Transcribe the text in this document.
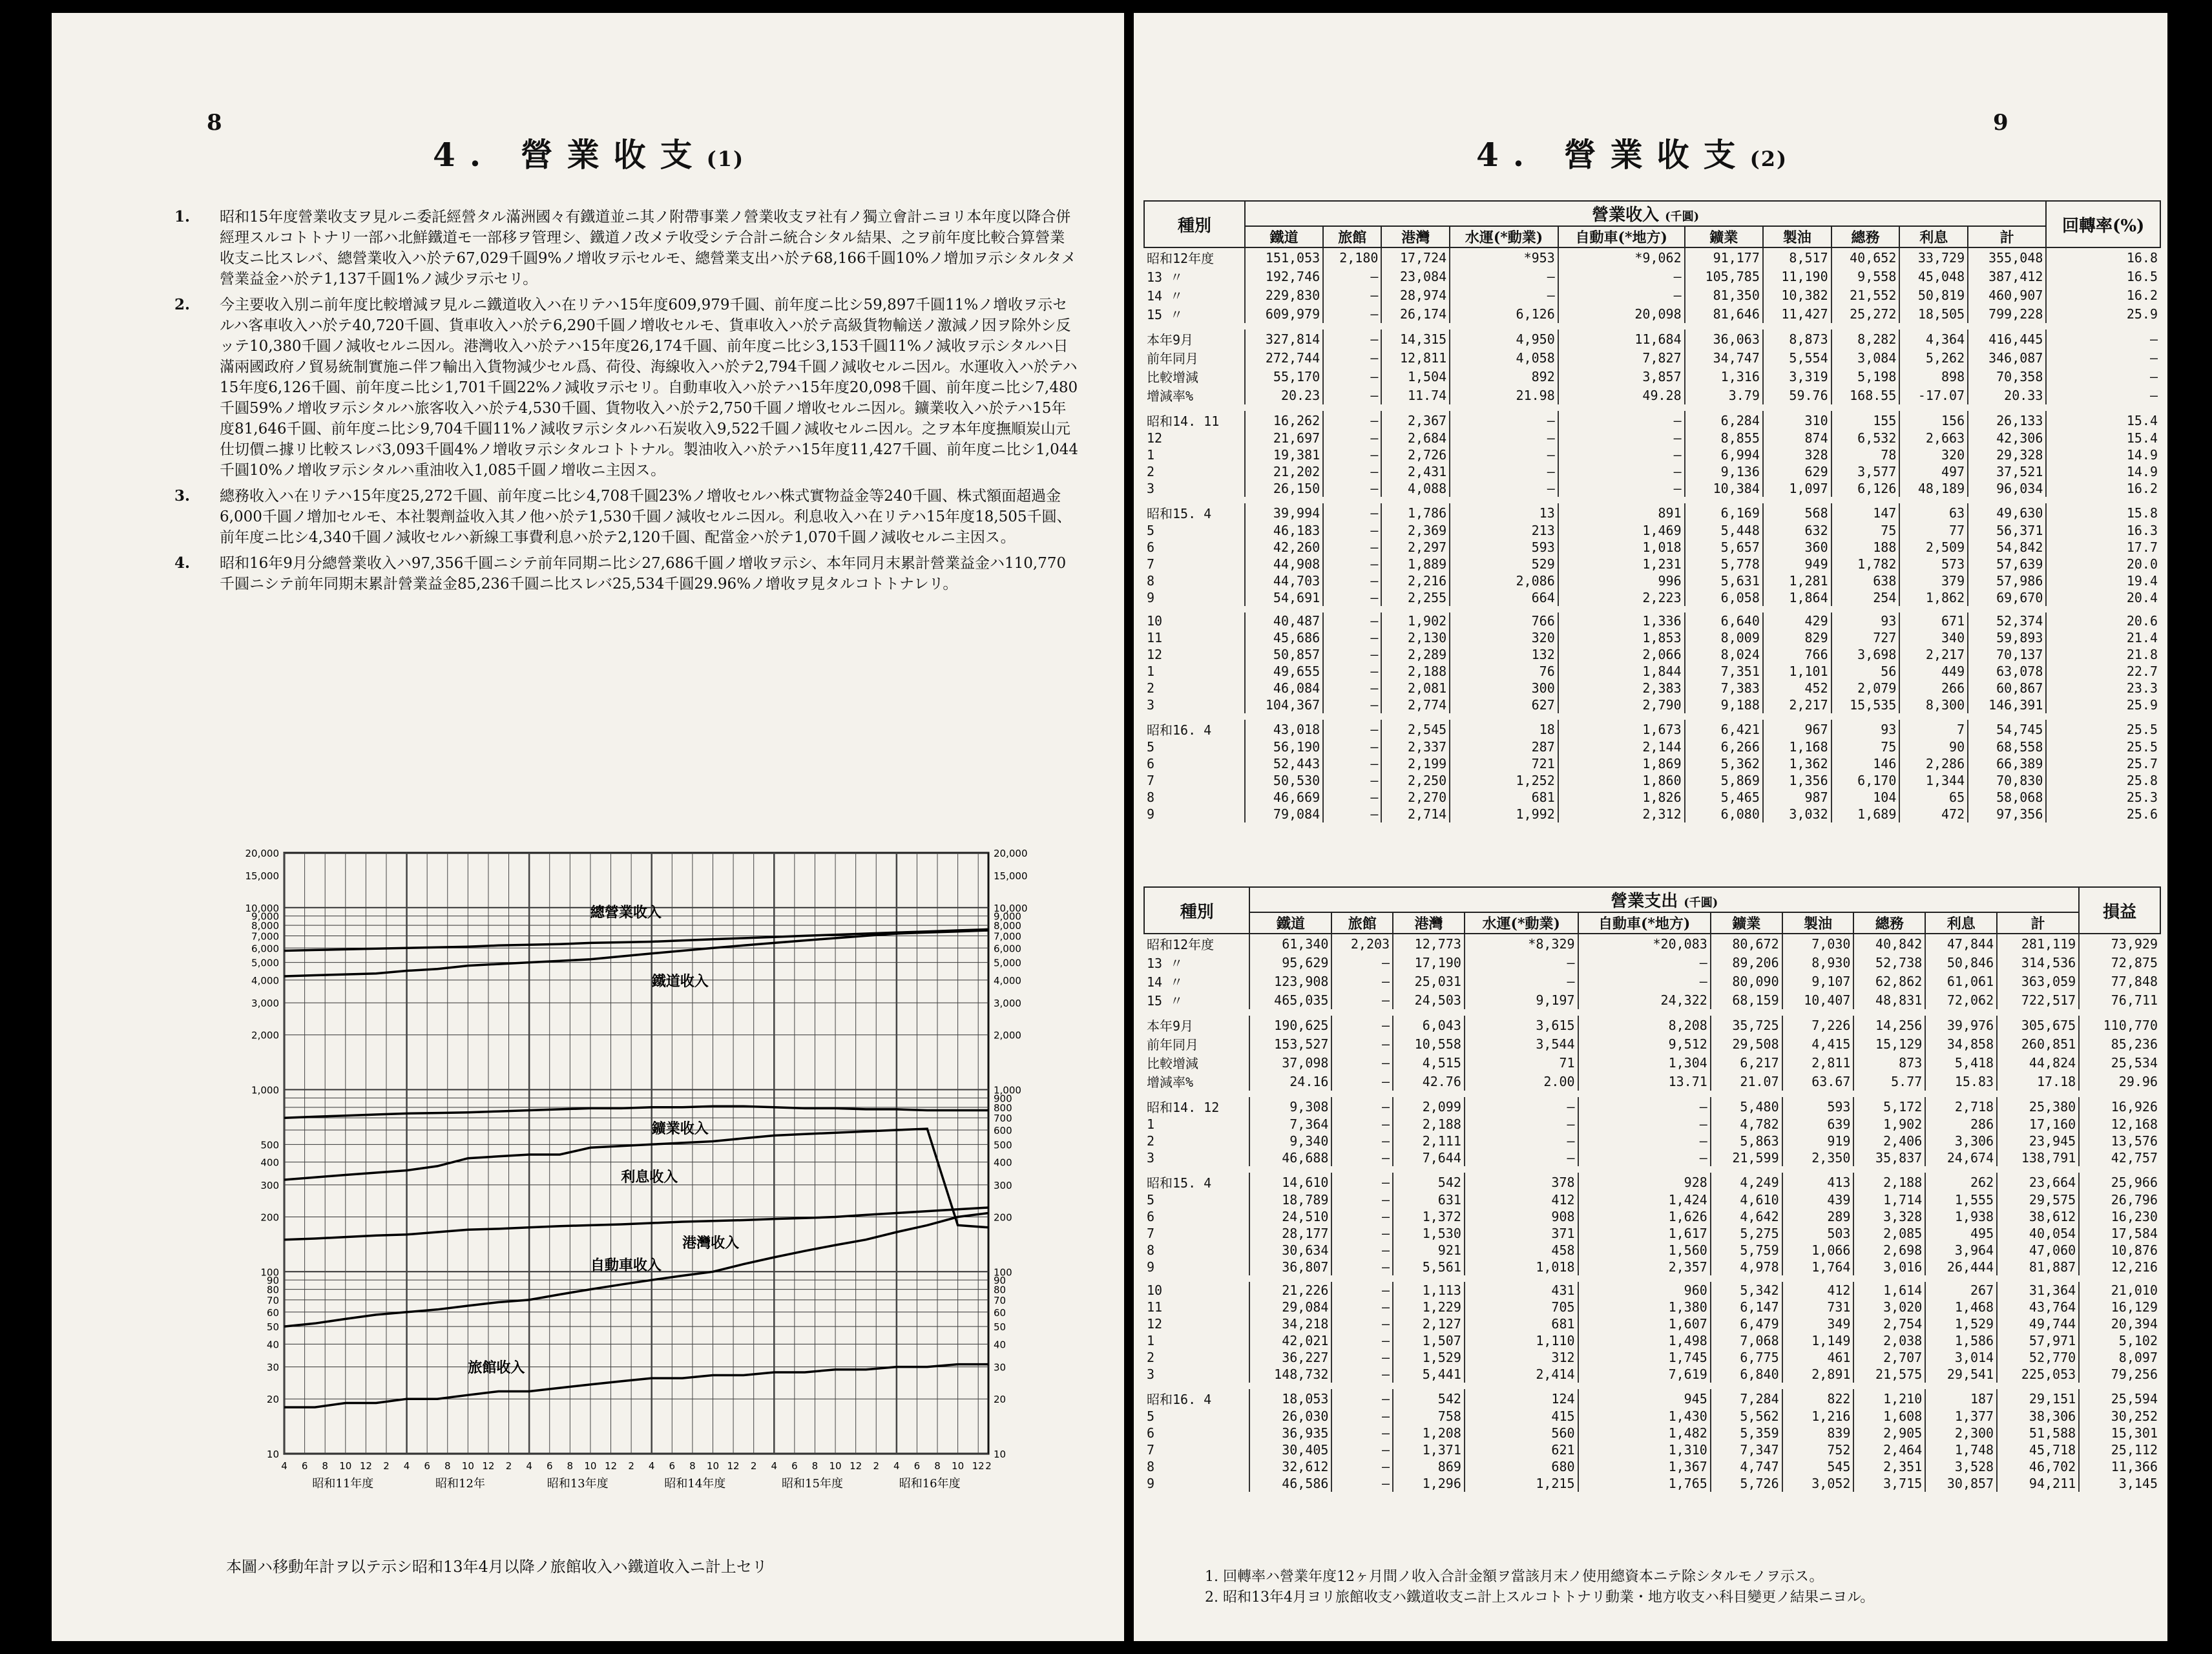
8
4. 營業收支(1)
1. 昭和15年度營業收支ヲ見ルニ委託經營タル滿洲國々有鐵道並ニ其ノ附帶事業ノ營業收支ヲ社有ノ獨立會計ニヨリ本年度以降合併經理スルコトトナリ一部ハ北鮮鐵道モ一部移ヲ管理シ、鐵道ノ改メテ收受シテ合計ニ統合シタル結果、之ヲ前年度比較合算營業收支ニ比スレバ、總營業收入ハ於テ67,029千圓9%ノ增收ヲ示セルモ、總營業支出ハ於テ68,166千圓10%ノ增加ヲ示シタルタメ營業益金ハ於テ1,137千圓1%ノ減少ヲ示セリ。
2. 今主要收入別ニ前年度比較增減ヲ見ルニ鐵道收入ハ在リテハ15年度609,979千圓、前年度ニ比シ59,897千圓11%ノ增收ヲ示セルハ客車收入ハ於テ40,720千圓、貨車收入ハ於テ6,290千圓ノ增收セルモ、貨車收入ハ於テ高級貨物輸送ノ激減ノ因ヲ除外シ反ッテ10,380千圓ノ減收セルニ因ル。港灣收入ハ於テハ15年度26,174千圓、前年度ニ比シ3,153千圓11%ノ減收ヲ示シタルハ日滿兩國政府ノ貿易統制實施ニ伴フ輸出入貨物減少セル爲、荷役、海線收入ハ於テ2,794千圓ノ減收セルニ因ル。水運收入ハ於テハ15年度6,126千圓、前年度ニ比シ1,701千圓22%ノ減收ヲ示セリ。自動車收入ハ於テハ15年度20,098千圓、前年度ニ比シ7,480千圓59%ノ增收ヲ示シタルハ旅客收入ハ於テ4,530千圓、貨物收入ハ於テ2,750千圓ノ增收セルニ因ル。鑛業收入ハ於テハ15年度81,646千圓、前年度ニ比シ9,704千圓11%ノ減收ヲ示シタルハ石炭收入9,522千圓ノ減收セルニ因ル。之ヲ本年度撫順炭山元仕切價ニ據リ比較スレバ3,093千圓4%ノ增收ヲ示シタルコトトナル。製油收入ハ於テハ15年度11,427千圓、前年度ニ比シ1,044千圓10%ノ增收ヲ示シタルハ重油收入1,085千圓ノ增收ニ主因ス。
3. 總務收入ハ在リテハ15年度25,272千圓、前年度ニ比シ4,708千圓23%ノ增收セルハ株式實物益金等240千圓、株式額面超過金6,000千圓ノ增加セルモ、本社製劑益收入其ノ他ハ於テ1,530千圓ノ減收セルニ因ル。利息收入ハ在リテハ15年度18,505千圓、前年度ニ比シ4,340千圓ノ減收セルハ新線工事費利息ハ於テ2,120千圓、配當金ハ於テ1,070千圓ノ減收セルニ主因ス。
4. 昭和16年9月分總營業收入ハ97,356千圓ニシテ前年同期ニ比シ27,686千圓ノ增收ヲ示シ、本年同月末累計營業益金ハ110,770千圓ニシテ前年同期末累計營業益金85,236千圓ニ比スレバ25,534千圓29.96%ノ增收ヲ見タルコトトナレリ。
20,000
15,000
10,000
9,000
8,000
7,000
6,000
5,000
4,000
3,000
2,000
1,000
500
400
300
200
100
90
80
70
60
50
40
30
20
10
20,000
15,000
10,000
9,000
8,000
7,000
6,000
5,000
4,000
3,000
2,000
1,000
900
800
700
600
500
400
300
200
100
90
80
70
60
50
40
30
20
10
4 6 8 10 12 2 4 6 8 10 12 2 4 6 8 10 12 2 4 6 8 10 12 2 4 6 8 10 12 2 4 6 8 10 12 2
昭和11年度	昭和12年	昭和13年度	昭和14年度	昭和15年度	昭和16年度
總營業收入
鐵道收入
鑛業收入
利息收入
港灣收入
自動車收入
旅館收入
本圖ハ移動年計ヲ以テ示シ昭和13年4月以降ノ旅館收入ハ鐵道收入ニ計上セリ
9
4. 營業收支(2)
種別	營業收入 (千圓)										回轉率(%)
	鐵道	旅館	港灣	水運(*動業)	自動車(*地方)	鑛業	製油	總務	利息	計	
昭和12年度	151,053	2,180	17,724	*953	*9,062	91,177	8,517	40,652	33,729	355,048	16.8
13 〃	192,746	—	23,084	—	—	105,785	11,190	9,558	45,048	387,412	16.5
14 〃	229,830	—	28,974	—	—	81,350	10,382	21,552	50,819	460,907	16.2
15 〃	609,979	—	26,174	6,126	20,098	81,646	11,427	25,272	18,505	799,228	25.9

本年9月	327,814	—	14,315	4,950	11,684	36,063	8,873	8,282	4,364	416,445	—
前年同月	272,744	—	12,811	4,058	7,827	34,747	5,554	3,084	5,262	346,087	—
比較增減	55,170	—	1,504	892	3,857	1,316	3,319	5,198	898	70,358	—
增減率%	20.23	—	11.74	21.98	49.28	3.79	59.76	168.55	-17.07	20.33	—

昭和14. 11	16,262	—	2,367	—	—	6,284	310	155	156	26,133	15.4
12	21,697	—	2,684	—	—	8,855	874	6,532	2,663	42,306	15.4
1	19,381	—	2,726	—	—	6,994	328	78	320	29,328	14.9
2	21,202	—	2,431	—	—	9,136	629	3,577	497	37,521	14.9
3	26,150	—	4,088	—	—	10,384	1,097	6,126	48,189	96,034	16.2

昭和15. 4	39,994	—	1,786	13	891	6,169	568	147	63	49,630	15.8
5	46,183	—	2,369	213	1,469	5,448	632	75	77	56,371	16.3
6	42,260	—	2,297	593	1,018	5,657	360	188	2,509	54,842	17.7
7	44,908	—	1,889	529	1,231	5,778	949	1,782	573	57,639	20.0
8	44,703	—	2,216	2,086	996	5,631	1,281	638	379	57,986	19.4
9	54,691	—	2,255	664	2,223	6,058	1,864	254	1,862	69,670	20.4

10	40,487	—	1,902	766	1,336	6,640	429	93	671	52,374	20.6
11	45,686	—	2,130	320	1,853	8,009	829	727	340	59,893	21.4
12	50,857	—	2,289	132	2,066	8,024	766	3,698	2,217	70,137	21.8
1	49,655	—	2,188	76	1,844	7,351	1,101	56	449	63,078	22.7
2	46,084	—	2,081	300	2,383	7,383	452	2,079	266	60,867	23.3
3	104,367	—	2,774	627	2,790	9,188	2,217	15,535	8,300	146,391	25.9

昭和16. 4	43,018	—	2,545	18	1,673	6,421	967	93	7	54,745	25.5
5	56,190	—	2,337	287	2,144	6,266	1,168	75	90	68,558	25.5
6	52,443	—	2,199	721	1,869	5,362	1,362	146	2,286	66,389	25.7
7	50,530	—	2,250	1,252	1,860	5,869	1,356	6,170	1,344	70,830	25.8
8	46,669	—	2,270	681	1,826	5,465	987	104	65	58,068	25.3
9	79,084	—	2,714	1,992	2,312	6,080	3,032	1,689	472	97,356	25.6
種別	營業支出 (千圓)										損益
	鐵道	旅館	港灣	水運(*動業)	自動車(*地方)	鑛業	製油	總務	利息	計	
昭和12年度	61,340	2,203	12,773	*8,329	*20,083	80,672	7,030	40,842	47,844	281,119	73,929
13 〃	95,629	—	17,190	—	—	89,206	8,930	52,738	50,846	314,536	72,875
14 〃	123,908	—	25,031	—	—	80,090	9,107	62,862	61,061	363,059	77,848
15 〃	465,035	—	24,503	9,197	24,322	68,159	10,407	48,831	72,062	722,517	76,711

本年9月	190,625	—	6,043	3,615	8,208	35,725	7,226	14,256	39,976	305,675	110,770
前年同月	153,527	—	10,558	3,544	9,512	29,508	4,415	15,129	34,858	260,851	85,236
比較增減	37,098	—	4,515	71	1,304	6,217	2,811	873	5,418	44,824	25,534
增減率%	24.16	—	42.76	2.00	13.71	21.07	63.67	5.77	15.83	17.18	29.96

昭和14. 12	9,308	—	2,099	—	—	5,480	593	5,172	2,718	25,380	16,926
1	7,364	—	2,188	—	—	4,782	639	1,902	286	17,160	12,168
2	9,340	—	2,111	—	—	5,863	919	2,406	3,306	23,945	13,576
3	46,688	—	7,644	—	—	21,599	2,350	35,837	24,674	138,791	42,757

昭和15. 4	14,610	—	542	378	928	4,249	413	2,188	262	23,664	25,966
5	18,789	—	631	412	1,424	4,610	439	1,714	1,555	29,575	26,796
6	24,510	—	1,372	908	1,626	4,642	289	3,328	1,938	38,612	16,230
7	28,177	—	1,530	371	1,617	5,275	503	2,085	495	40,054	17,584
8	30,634	—	921	458	1,560	5,759	1,066	2,698	3,964	47,060	10,876
9	36,807	—	5,561	1,018	2,357	4,978	1,764	3,016	26,444	81,887	12,216

10	21,226	—	1,113	431	960	5,342	412	1,614	267	31,364	21,010
11	29,084	—	1,229	705	1,380	6,147	731	3,020	1,468	43,764	16,129
12	34,218	—	2,127	681	1,607	6,479	349	2,754	1,529	49,744	20,394
1	42,021	—	1,507	1,110	1,498	7,068	1,149	2,038	1,586	57,971	5,102
2	36,227	—	1,529	312	1,745	6,775	461	2,707	3,014	52,770	8,097
3	148,732	—	5,441	2,414	7,619	6,840	2,891	21,575	29,541	225,053	79,256

昭和16. 4	18,053	—	542	124	945	7,284	822	1,210	187	29,151	25,594
5	26,030	—	758	415	1,430	5,562	1,216	1,608	1,377	38,306	30,252
6	36,935	—	1,208	560	1,482	5,359	839	2,905	2,300	51,588	15,301
7	30,405	—	1,371	621	1,310	7,347	752	2,464	1,748	45,718	25,112
8	32,612	—	869	680	1,367	4,747	545	2,351	3,528	46,702	11,366
9	46,586	—	1,296	1,215	1,765	5,726	3,052	3,715	30,857	94,211	3,145
1. 回轉率ハ營業年度12ヶ月間ノ收入合計金額ヲ當該月末ノ使用總資本ニテ除シタルモノヲ示ス。
2. 昭和13年4月ヨリ旅館收支ハ鐵道收支ニ計上スルコトトナリ動業・地方收支ハ科目變更ノ結果ニヨル。
